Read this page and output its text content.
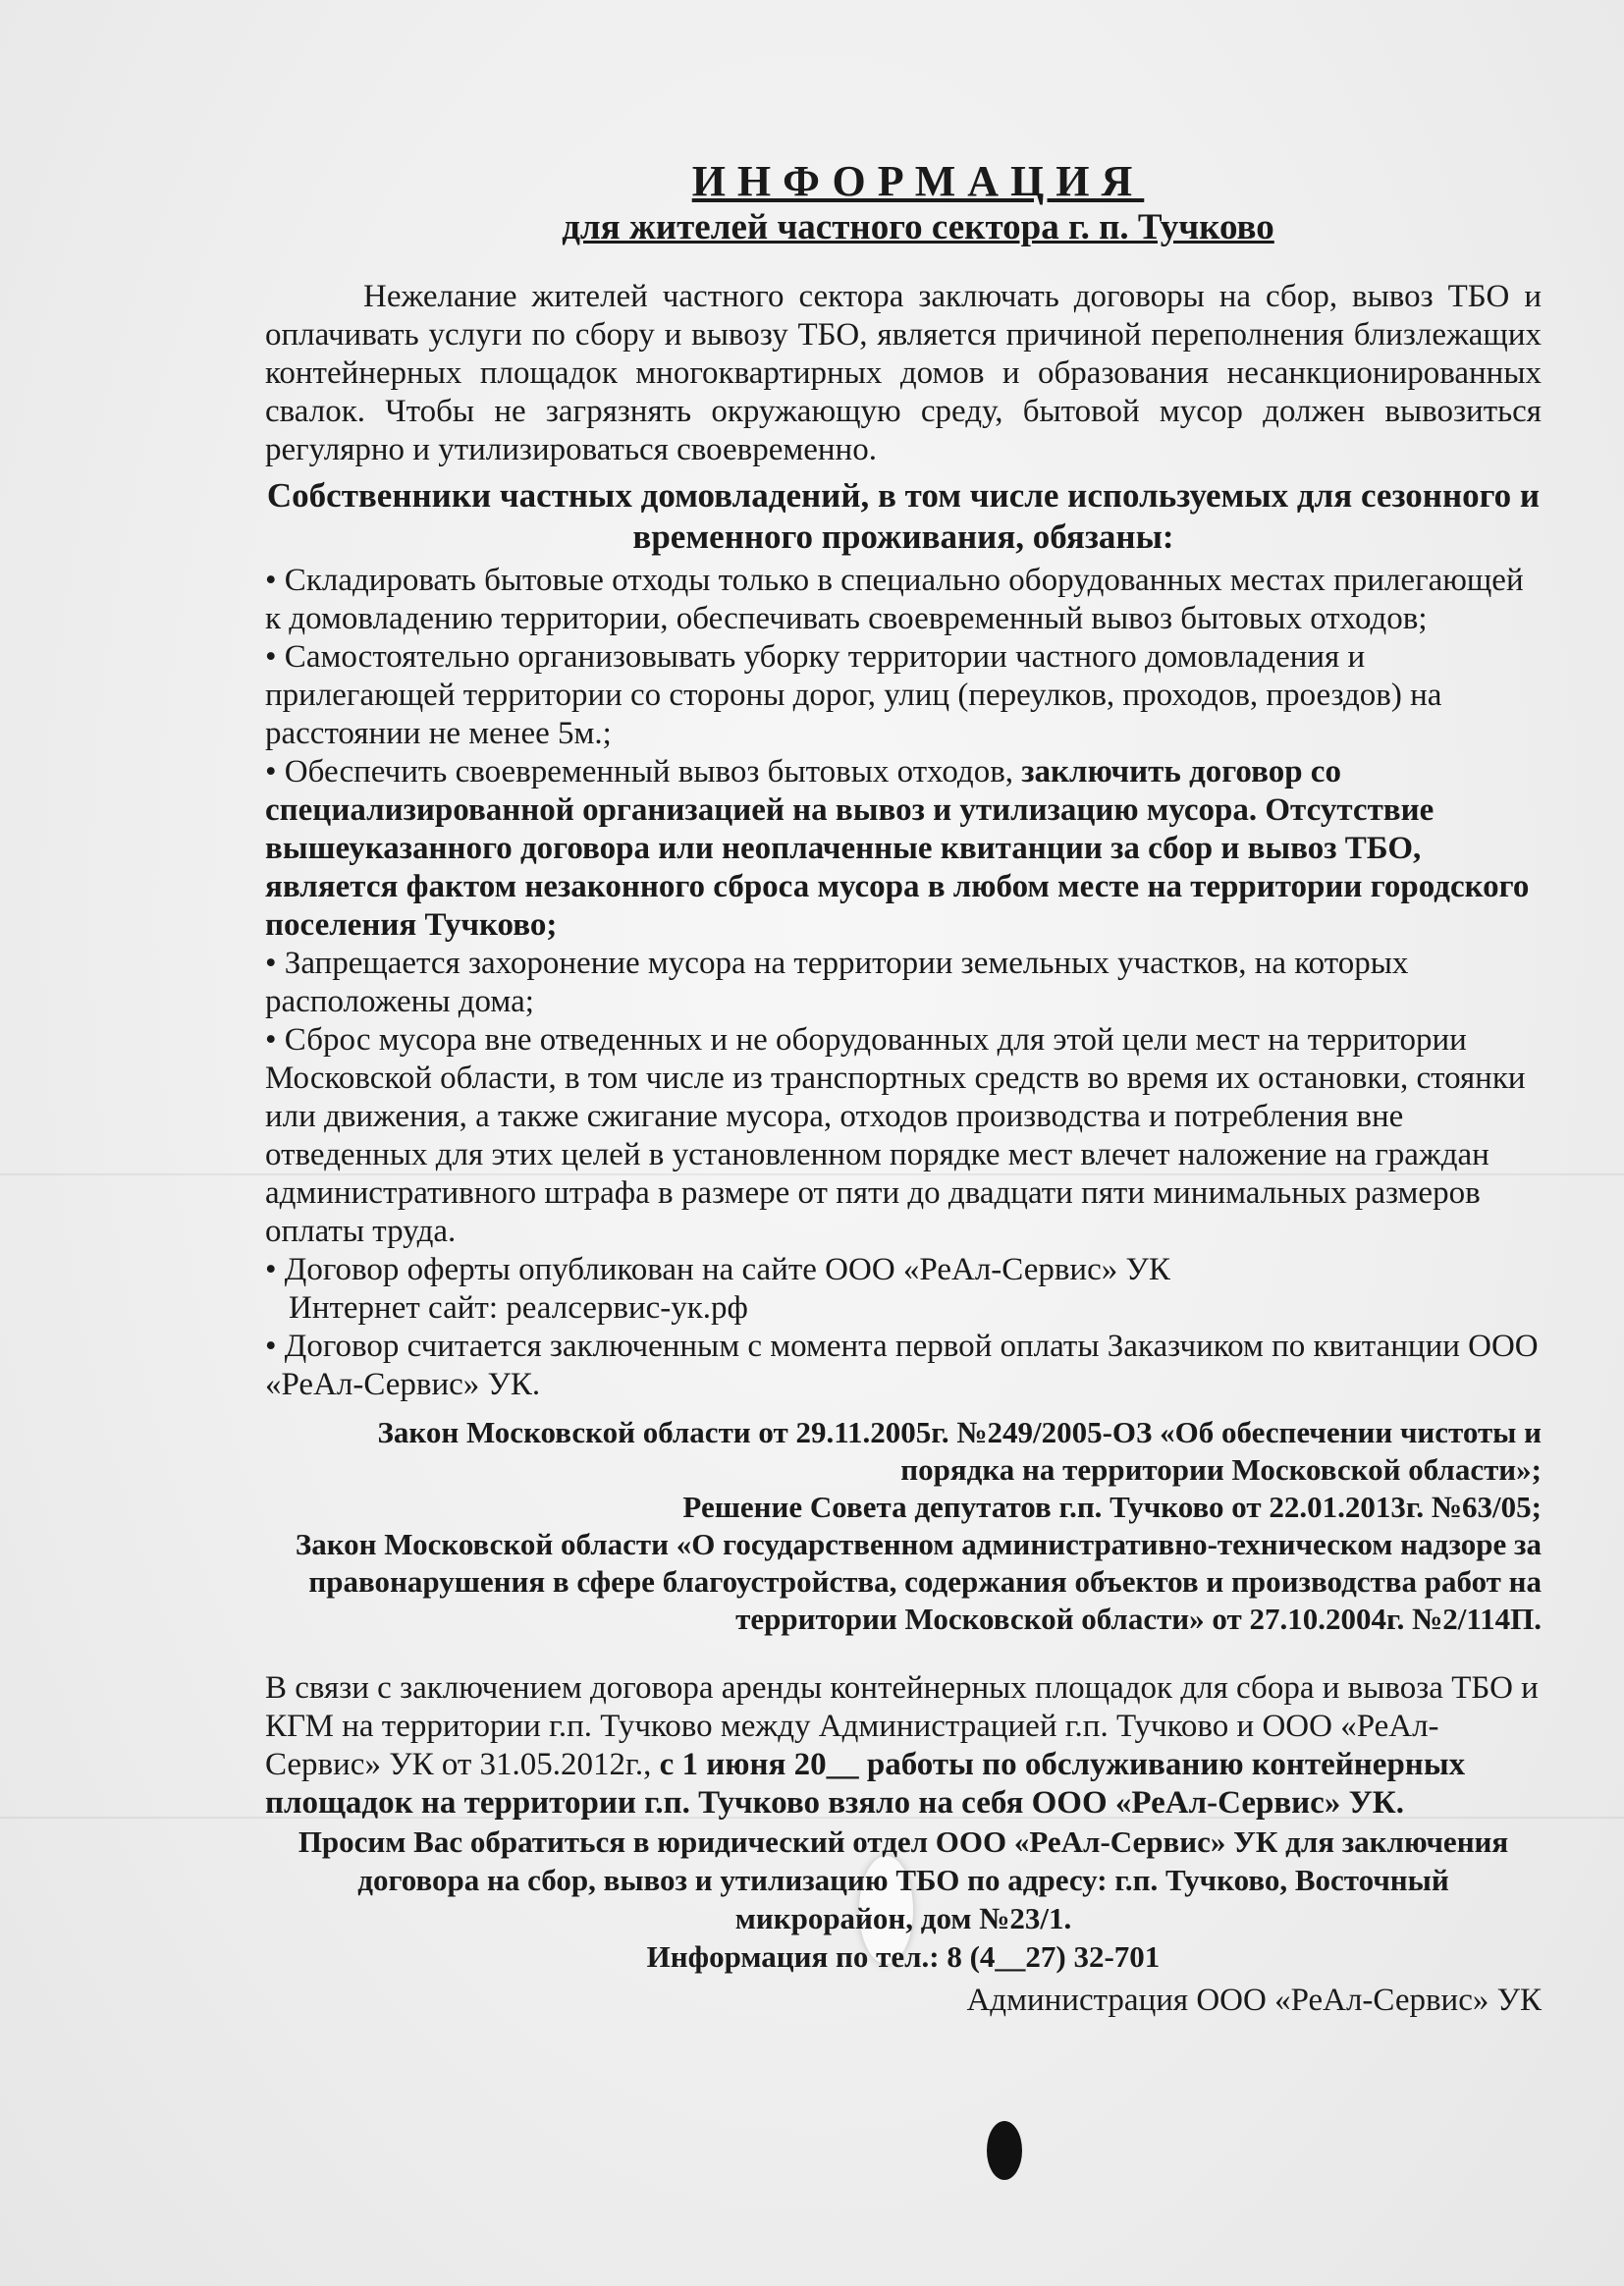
ИНФОРМАЦИЯ
для жителей частного сектора г. п. Тучково

Нежелание жителей частного сектора заключать договоры на сбор, вывоз ТБО и оплачивать услуги по сбору и вывозу ТБО, является причиной переполнения близлежащих контейнерных площадок многоквартирных домов и образования несанкционированных свалок. Чтобы не загрязнять окружающую среду, бытовой мусор должен вывозиться регулярно и утилизироваться своевременно.

Собственники частных домовладений, в том числе используемых для сезонного и временного проживания, обязаны:

• Складировать бытовые отходы только в специально оборудованных местах прилегающей к домовладению территории, обеспечивать своевременный вывоз бытовых отходов;

• Самостоятельно организовывать уборку территории частного домовладения и прилегающей территории со стороны дорог, улиц (переулков, проходов, проездов) на расстоянии не менее 5м.;

• Обеспечить своевременный вывоз бытовых отходов, заключить договор со специализированной организацией на вывоз и утилизацию мусора. Отсутствие вышеуказанного договора или неоплаченные квитанции за сбор и вывоз ТБО, является фактом незаконного сброса мусора в любом месте на территории городского поселения Тучково;

• Запрещается захоронение мусора на территории земельных участков, на которых расположены дома;

• Сброс мусора вне отведенных и не оборудованных для этой цели мест на территории Московской области, в том числе из транспортных средств во время их остановки, стоянки или движения, а также сжигание мусора, отходов производства и потребления вне отведенных для этих целей в установленном порядке мест влечет наложение на граждан административного штрафа в размере от пяти до двадцати пяти минимальных размеров оплаты труда.

• Договор оферты опубликован на сайте ООО «РеАл-Сервис» УК

Интернет сайт: реалсервис-ук.рф

• Договор считается заключенным с момента первой оплаты Заказчиком по квитанции ООО «РеАл-Сервис» УК.

Закон Московской области от 29.11.2005г. №249/2005-ОЗ «Об обеспечении чистоты и порядка на территории Московской области»;
Решение Совета депутатов г.п. Тучково от 22.01.2013г. №63/05;
Закон Московской области «О государственном административно-техническом надзоре за правонарушения в сфере благоустройства, содержания объектов и производства работ на территории Московской области» от 27.10.2004г. №2/114П.

В связи с заключением договора аренды контейнерных площадок для сбора и вывоза ТБО и КГМ на территории г.п. Тучково между Администрацией г.п. Тучково и ООО «РеАл-Сервис» УК от 31.05.2012г., с 1 июня 20__ работы по обслуживанию контейнерных площадок на территории г.п. Тучково взяло на себя ООО «РеАл-Сервис» УК.

Просим Вас обратиться в юридический отдел ООО «РеАл-Сервис» УК для заключения договора на сбор, вывоз и утилизацию ТБО по адресу: г.п. Тучково, Восточный микрорайон, дом №23/1.
Информация по тел.: 8 (4__27) 32-701
Администрация ООО «РеАл-Сервис» УК
